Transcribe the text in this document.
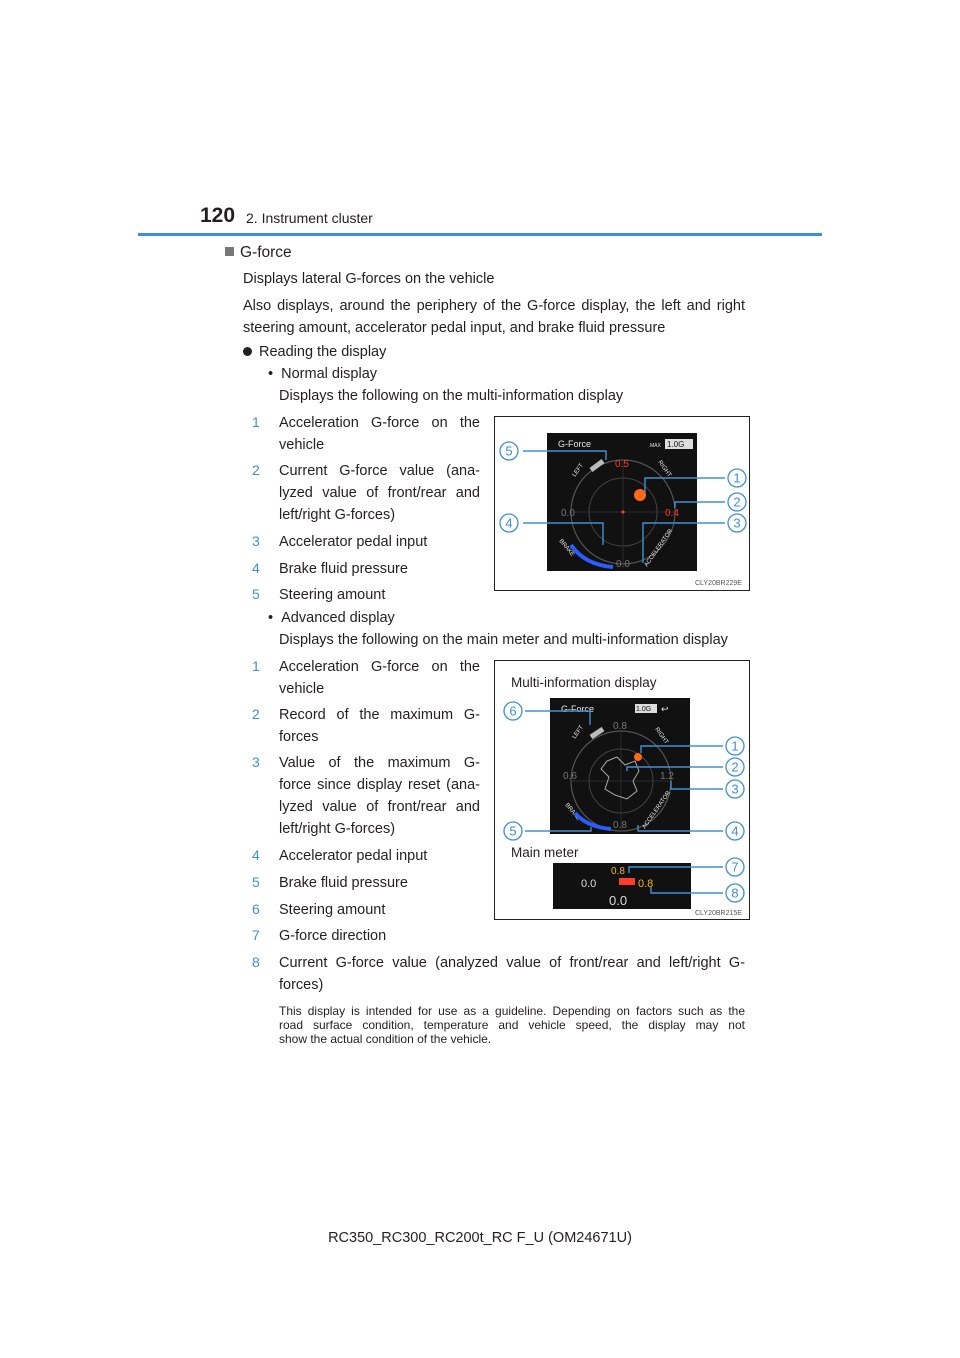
120 2. Instrument cluster
G-force
Displays lateral G-forces on the vehicle
Also displays, around the periphery of the G-force display, the left and right
steering amount, accelerator pedal input, and brake fluid pressure
Reading the display
•  Normal display
Displays the following on the multi-information display
1 Acceleration G-force on the
vehicle
2 Current G-force value (ana-
lyzed value of front/rear and
left/right G-forces)
3 Accelerator pedal input
4 Brake fluid pressure
5 Steering amount
G-Force	MAX 1.0G
LEFT	RIGHT
0.5
0.0	0.4
0.0
BRAKE	ACCELERATOR
5
1
2
4	3
CLY20BR229E
•  Advanced display
Displays the following on the main meter and multi-information display
1 Acceleration G-force on the
vehicle
2 Record of the maximum G-
forces
3 Value of the maximum G-
force since display reset (ana-
lyzed value of front/rear and
left/right G-forces)
4 Accelerator pedal input
5 Brake fluid pressure
6 Steering amount
7 G-force direction
8 Current G-force value (analyzed value of front/rear and left/right G-
forces)
Multi-information display
G-Force	1.0G ↩
LEFT	RIGHT
0.8
0.6	1.2
0.8
BRAKE	ACCELERATOR
Main meter
0.8
0.0	0.8
0.0
6
1
2
3
5	4
7
8
CLY20BR215E
This display is intended for use as a guideline. Depending on factors such as the
road surface condition, temperature and vehicle speed, the display may not
show the actual condition of the vehicle.
RC350_RC300_RC200t_RC F_U (OM24671U)
